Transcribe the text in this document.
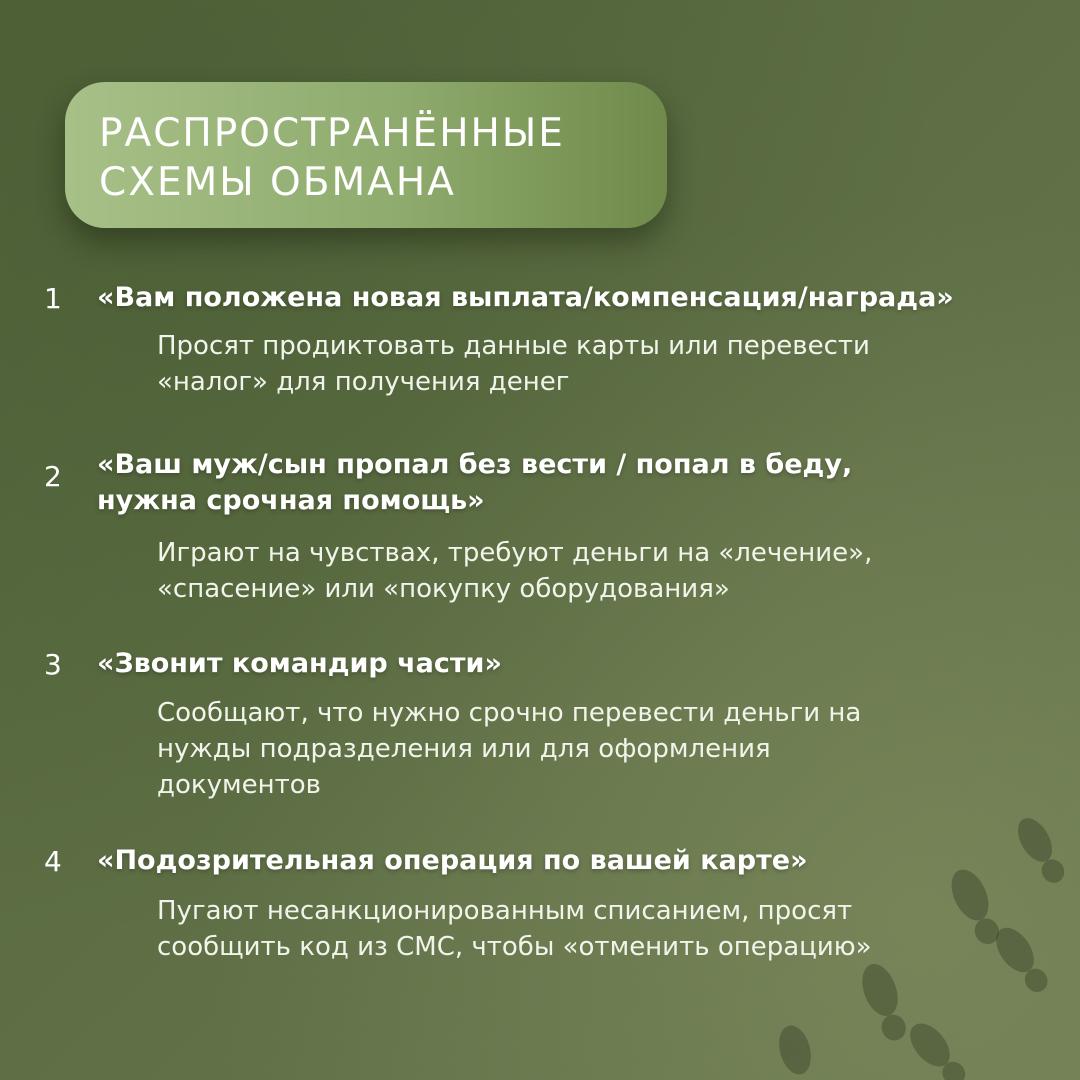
РАСПРОСТРАНЁННЫЕ
СХЕМЫ ОБМАНА
1 «Вам положена новая выплата/компенсация/награда»
Просят продиктовать данные карты или перевести
«налог» для получения денег
2 «Ваш муж/сын пропал без вести / попал в беду,
нужна срочная помощь»
Играют на чувствах, требуют деньги на «лечение»,
«спасение» или «покупку оборудования»
3 «Звонит командир части»
Сообщают, что нужно срочно перевести деньги на
нужды подразделения или для оформления
документов
4 «Подозрительная операция по вашей карте»
Пугают несанкционированным списанием, просят
сообщить код из СМС, чтобы «отменить операцию»
